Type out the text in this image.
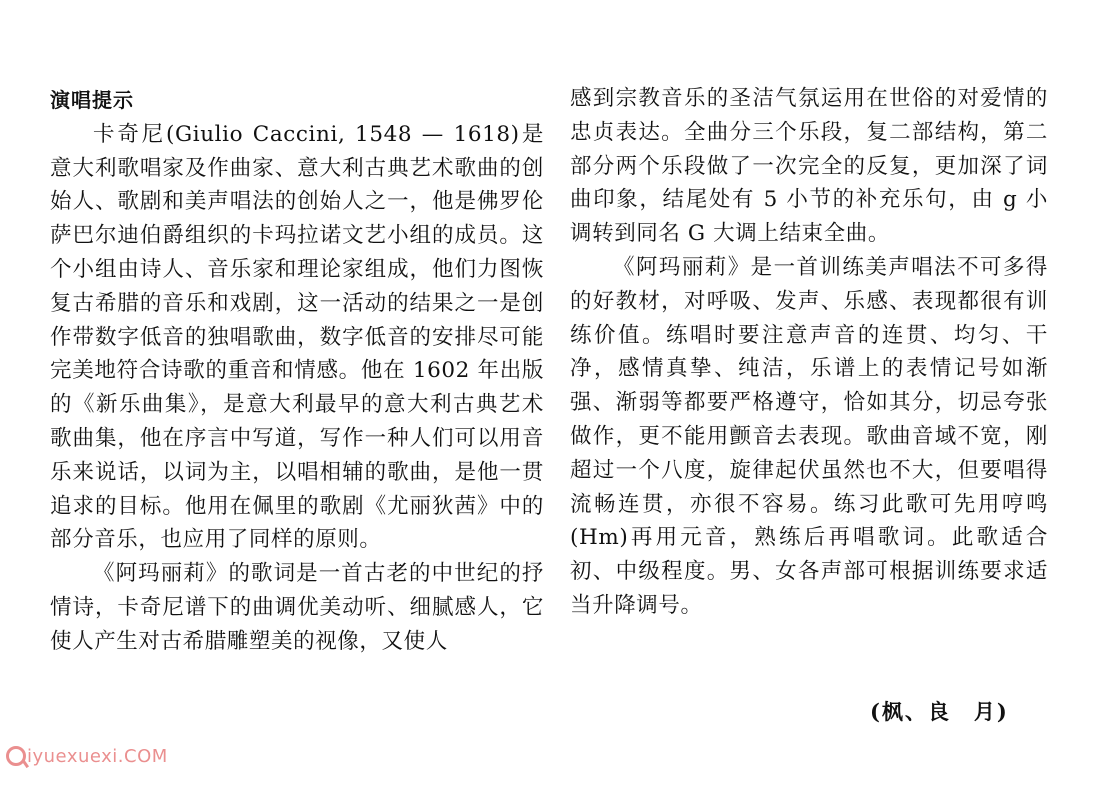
演唱提示

卡奇尼(Giulio Caccini, 1548 — 1618)是意大利歌唱家及作曲家、意大利古典艺术歌曲的创始人、歌剧和美声唱法的创始人之一，他是佛罗伦萨巴尔迪伯爵组织的卡玛拉诺文艺小组的成员。这个小组由诗人、音乐家和理论家组成，他们力图恢复古希腊的音乐和戏剧，这一活动的结果之一是创作带数字低音的独唱歌曲，数字低音的安排尽可能完美地符合诗歌的重音和情感。他在 1602 年出版的《新乐曲集》，是意大利最早的意大利古典艺术歌曲集，他在序言中写道，写作一种人们可以用音乐来说话，以词为主，以唱相辅的歌曲，是他一贯追求的目标。他用在佩里的歌剧《尤丽狄茜》中的部分音乐，也应用了同样的原则。

《阿玛丽莉》的歌词是一首古老的中世纪的抒情诗，卡奇尼谱下的曲调优美动听、细腻感人，它使人产生对古希腊雕塑美的视像，又使人

感到宗教音乐的圣洁气氛运用在世俗的对爱情的忠贞表达。全曲分三个乐段，复二部结构，第二部分两个乐段做了一次完全的反复，更加深了词曲印象，结尾处有 5 小节的补充乐句，由 g 小调转到同名 G 大调上结束全曲。

《阿玛丽莉》是一首训练美声唱法不可多得的好教材，对呼吸、发声、乐感、表现都很有训练价值。练唱时要注意声音的连贯、均匀、干净，感情真挚、纯洁，乐谱上的表情记号如渐强、渐弱等都要严格遵守，恰如其分，切忌夸张做作，更不能用颤音去表现。歌曲音域不宽，刚超过一个八度，旋律起伏虽然也不大，但要唱得流畅连贯，亦很不容易。练习此歌可先用哼鸣(Hm)再用元音，熟练后再唱歌词。此歌适合初、中级程度。男、女各声部可根据训练要求适当升降调号。

(枫、良　月)
iyuexuexi.COM
